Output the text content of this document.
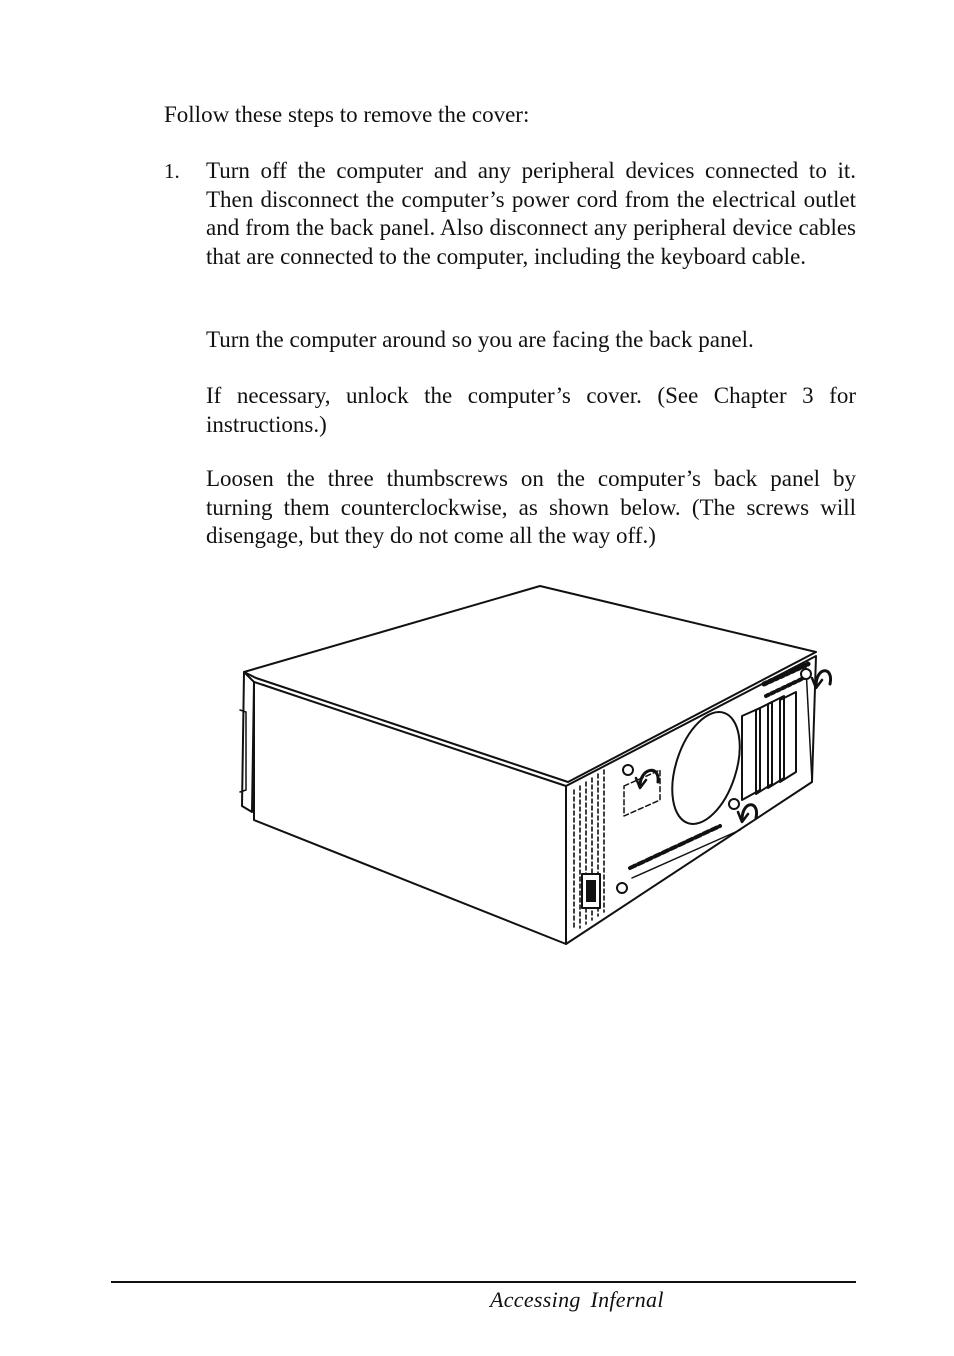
Follow these steps to remove the cover:

1. Turn off the computer and any peripheral devices connected to it. Then disconnect the computer’s power cord from the electrical outlet and from the back panel. Also disconnect any peripheral device cables that are connected to the computer, including the keyboard cable.

Turn the computer around so you are facing the back panel.

If necessary, unlock the computer’s cover. (See Chapter 3 for instructions.)

Loosen the three thumbscrews on the computer’s back panel by turning them counterclockwise, as shown below. (The screws will disengage, but they do not come all the way off.)

Accessing Infernal
